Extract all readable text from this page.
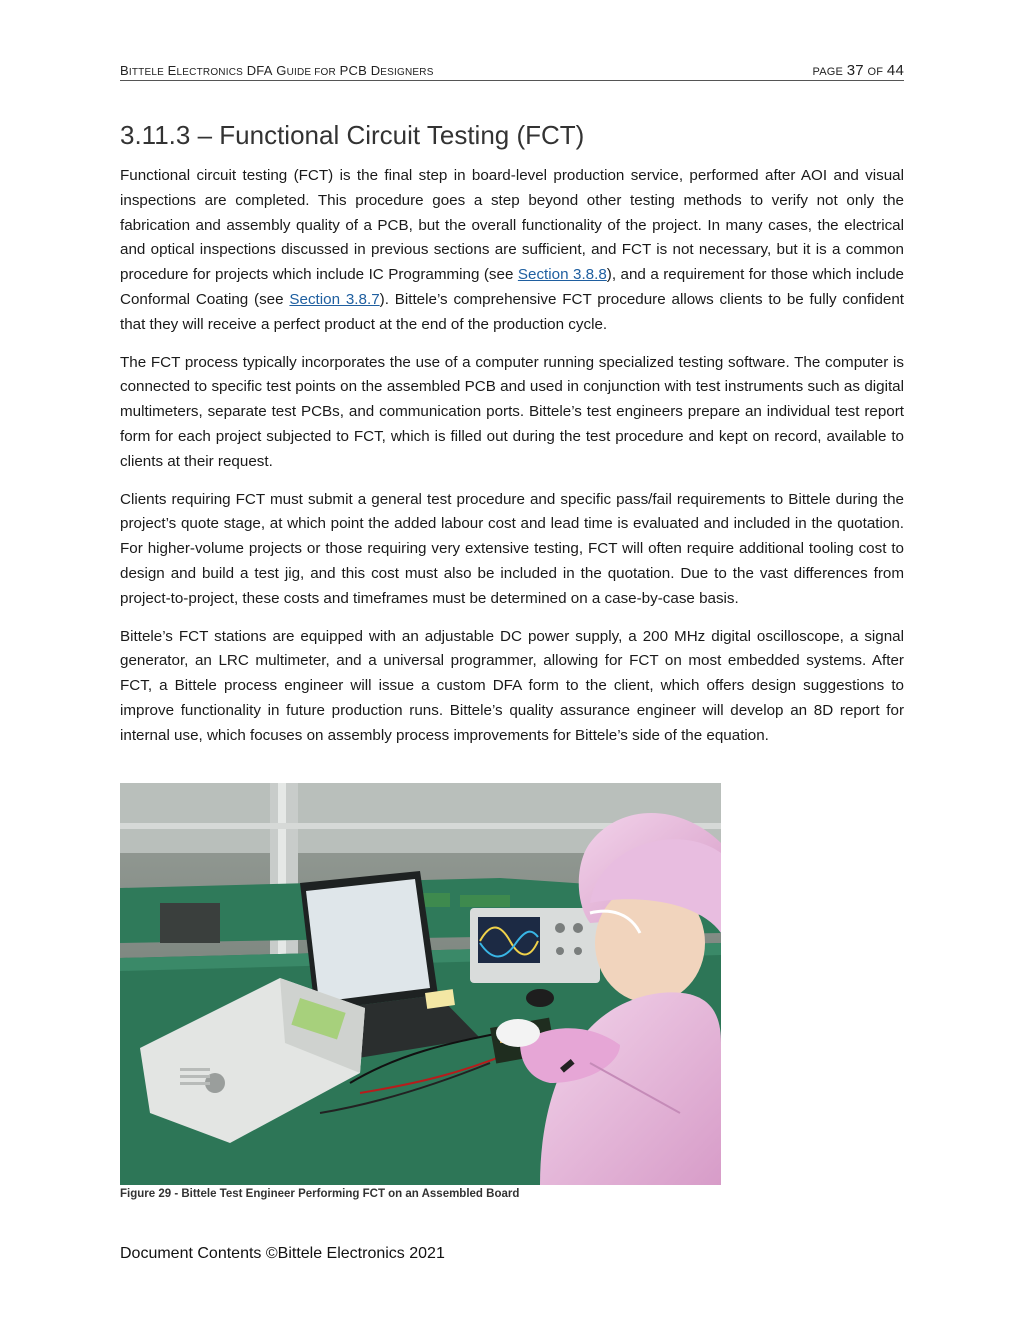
BITTELE ELECTRONICS DFA GUIDE FOR PCB DESIGNERS	PAGE 37 OF 44
3.11.3 – Functional Circuit Testing (FCT)

Functional circuit testing (FCT) is the final step in board-level production service, performed after AOI and visual inspections are completed. This procedure goes a step beyond other testing methods to verify not only the fabrication and assembly quality of a PCB, but the overall functionality of the project. In many cases, the electrical and optical inspections discussed in previous sections are sufficient, and FCT is not necessary, but it is a common procedure for projects which include IC Programming (see Section 3.8.8), and a requirement for those which include Conformal Coating (see Section 3.8.7). Bittele’s comprehensive FCT procedure allows clients to be fully confident that they will receive a perfect product at the end of the production cycle.

The FCT process typically incorporates the use of a computer running specialized testing software. The computer is connected to specific test points on the assembled PCB and used in conjunction with test instruments such as digital multimeters, separate test PCBs, and communication ports. Bittele’s test engineers prepare an individual test report form for each project subjected to FCT, which is filled out during the test procedure and kept on record, available to clients at their request.

Clients requiring FCT must submit a general test procedure and specific pass/fail requirements to Bittele during the project’s quote stage, at which point the added labour cost and lead time is evaluated and included in the quotation. For higher-volume projects or those requiring very extensive testing, FCT will often require additional tooling cost to design and build a test jig, and this cost must also be included in the quotation. Due to the vast differences from project-to-project, these costs and timeframes must be determined on a case-by-case basis.

Bittele’s FCT stations are equipped with an adjustable DC power supply, a 200 MHz digital oscilloscope, a signal generator, an LRC multimeter, and a universal programmer, allowing for FCT on most embedded systems. After FCT, a Bittele process engineer will issue a custom DFA form to the client, which offers design suggestions to improve functionality in future production runs. Bittele’s quality assurance engineer will develop an 8D report for internal use, which focuses on assembly process improvements for Bittele’s side of the equation.

Figure 29 - Bittele Test Engineer Performing FCT on an Assembled Board
Document Contents ©Bittele Electronics 2021
